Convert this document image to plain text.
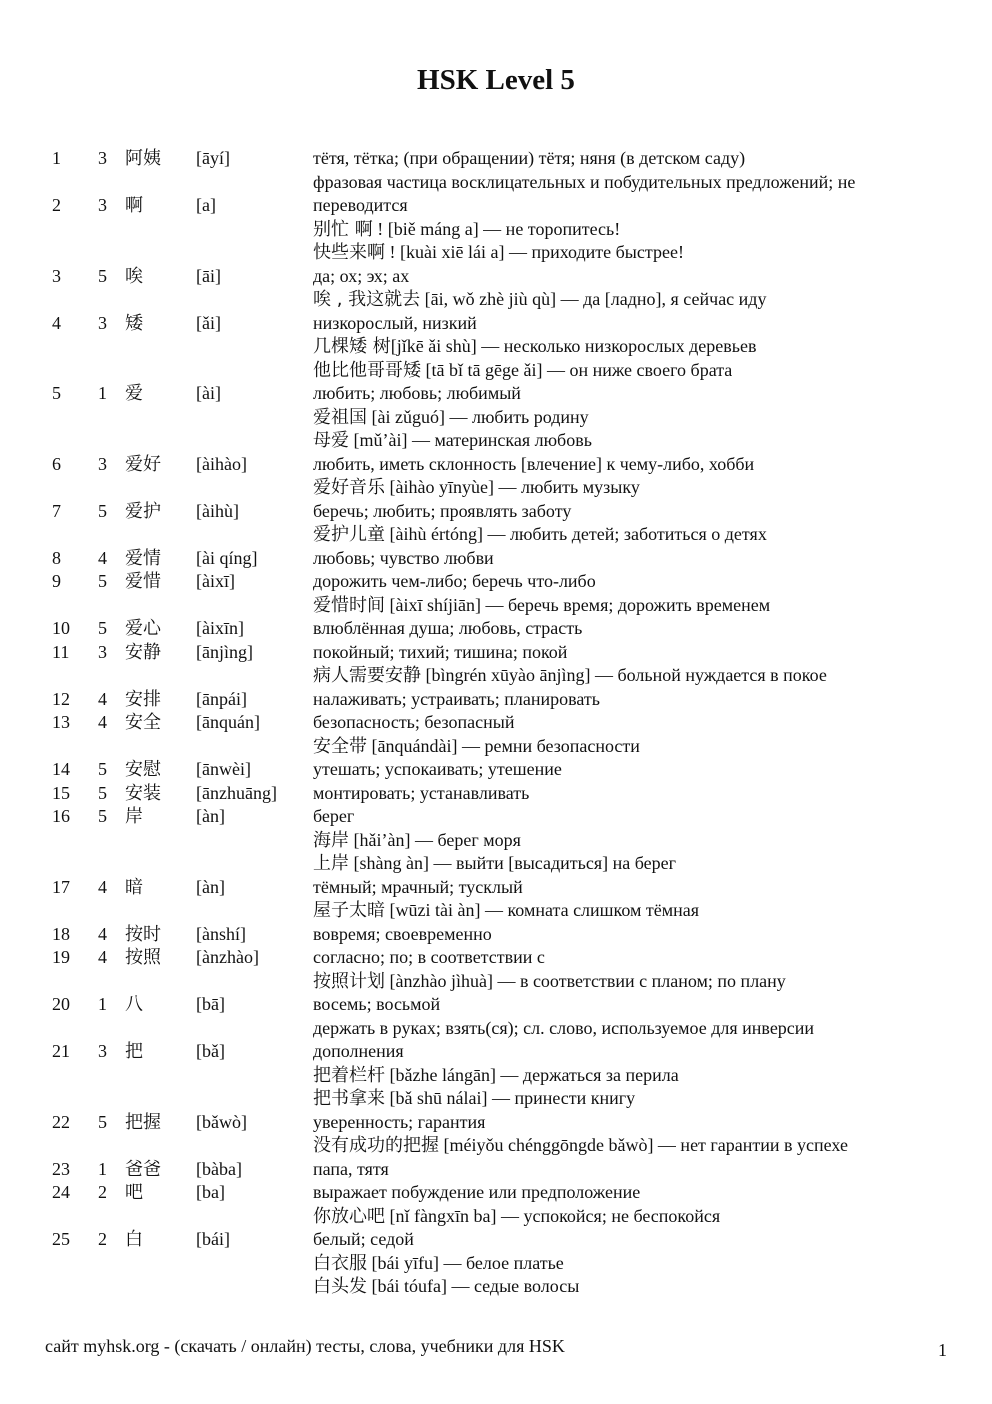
HSK Level 5
1 3 阿姨 [āyí]	тётя, тётка; (при обращении) тётя; няня (в детском саду)
фразовая частица восклицательных и побудительных предложений; не
2 3 啊	[a]	переводится
别忙 啊 ! [biě máng a] — не торопитесь!
快些来啊 ! [kuài xiē lái a] — приходите быстрее!
3 5 唉	[āi]	да; ох; эх; ах
唉 , 我这就去 [āi, wǒ zhè jiù qù] — да [ладно], я сейчас иду
4 3 矮	[ǎi]	низкорослый, низкий
几棵矮 树[jǐkē ǎi shù] — несколько низкорослых деревьев
他比他哥哥矮 [tā bǐ tā gēge ǎi] — он ниже своего брата
5 1 爱	[ài]	любить; любовь; любимый
爱祖国 [ài zǔguó] — любить родину
母爱 [mǔ’ài] — материнская любовь
6 3 爱好 [àihào]	любить, иметь склонность [влечение] к чему-либо, хобби
爱好音乐 [àihào yīnyùe] — любить музыку
7 5 爱护 [àihù]	беречь; любить; проявлять заботу
爱护儿童 [àihù értóng] — любить детей; заботиться о детях
8 4 爱情 [ài qíng]	любовь; чувство любви
9 5 爱惜 [àixī]	дорожить чем-либо; беречь что-либо
爱惜时间 [àixī shíjiān] — беречь время; дорожить временем
10 5 爱心 [àixīn]	влюблённая душа; любовь, страсть
11 3 安静 [ānjìng]	покойный; тихий; тишина; покой
病人需要安静 [bìngrén xūyào ānjìng] — больной нуждается в покое
12 4 安排 [ānpái]	налаживать; устраивать; планировать
13 4 安全 [ānquán]	безопасность; безопасный
安全带 [ānquándài] — ремни безопасности
14 5 安慰 [ānwèi]	утешать; успокаивать; утешение
15 5 安装 [ānzhuāng] монтировать; устанавливать
16 5 岸	[àn]	берег
海岸 [hǎi’àn] — берег моря
上岸 [shàng àn] — выйти [высадиться] на берег
17 4 暗	[àn]	тёмный; мрачный; тусклый
屋子太暗 [wūzi tài àn] — комната слишком тёмная
18 4 按时 [ànshí]	вовремя; своевременно
19 4 按照 [ànzhào]	согласно; по; в соответствии с
按照计划 [ànzhào jìhuà] — в соответствии с планом; по плану
20 1 八	[bā]	восемь; восьмой
держать в руках; взять(ся); сл. слово, используемое для инверсии
21 3 把	[bǎ]	дополнения
把着栏杆 [bǎzhe lángān] — держаться за перила
把书拿来 [bǎ shū nálai] — принести книгу
22 5 把握 [bǎwò]	уверенность; гарантия
没有成功的把握 [méiyǒu chénggōngde bǎwò] — нет гарантии в успехе
23 1 爸爸 [bàba]	папа, тятя
24 2 吧	[ba]	выражает побуждение или предположение
你放心吧 [nǐ fàngxīn ba] — успокойся; не беспокойся
25 2 白	[bái]	белый; седой
白衣服 [bái yīfu] — белое платье
白头发 [bái tóufa] — седые волосы
сайт myhsk.org - (скачать / онлайн) тесты, слова, учебники для HSK	1
